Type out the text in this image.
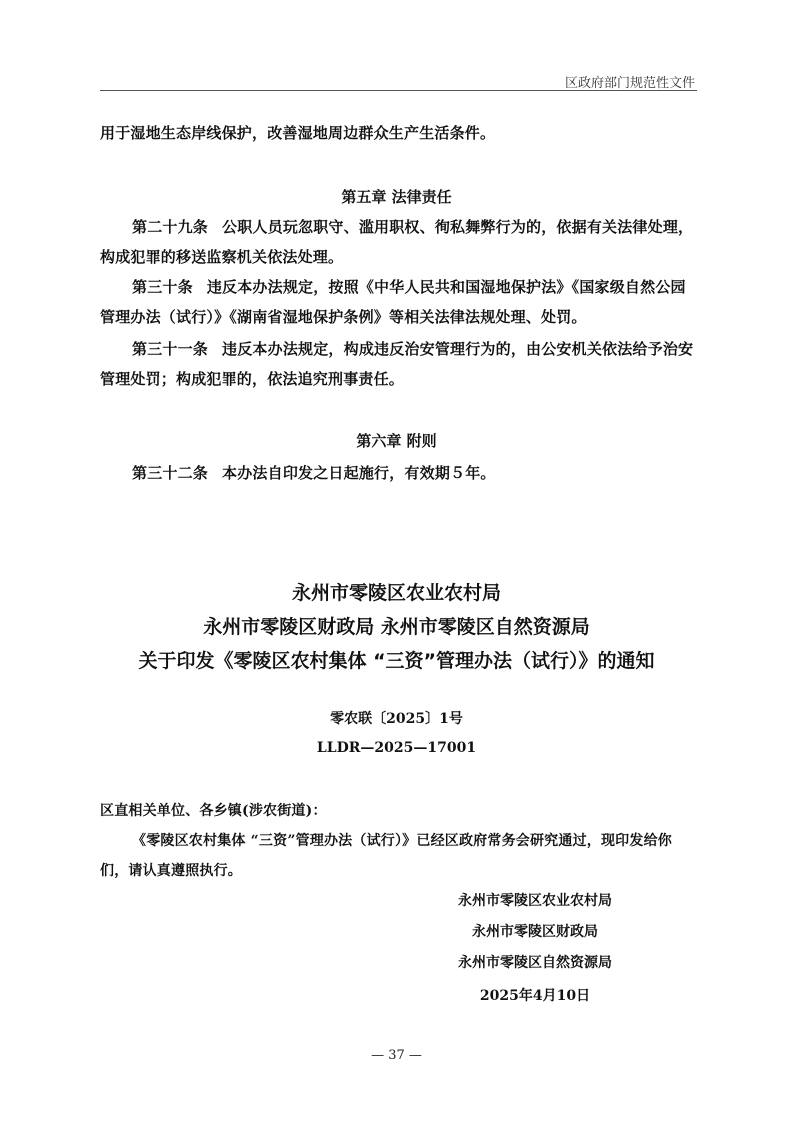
区政府部门规范性文件
用于湿地生态岸线保护，改善湿地周边群众生产生活条件。
第五章 法律责任
第二十九条 公职人员玩忽职守、滥用职权、徇私舞弊行为的，依据有关法律处理，构成犯罪的移送监察机关依法处理。
第三十条 违反本办法规定，按照《中华人民共和国湿地保护法》《国家级自然公园管理办法（试行）》《湖南省湿地保护条例》等相关法律法规处理、处罚。
第三十一条 违反本办法规定，构成违反治安管理行为的，由公安机关依法给予治安管理处罚；构成犯罪的，依法追究刑事责任。
第六章 附则
第三十二条 本办法自印发之日起施行，有效期５年。
永州市零陵区农业农村局
永州市零陵区财政局 永州市零陵区自然资源局
关于印发《零陵区农村集体 “三资”管理办法（试行）》的通知
零农联〔2025〕1号
LLDR—2025—17001
区直相关单位、各乡镇(涉农街道)：
《零陵区农村集体 “三资”管理办法（试行）》已经区政府常务会研究通过，现印发给你们，请认真遵照执行。
永州市零陵区农业农村局
永州市零陵区财政局
永州市零陵区自然资源局
2025年4月10日
— 37 —
